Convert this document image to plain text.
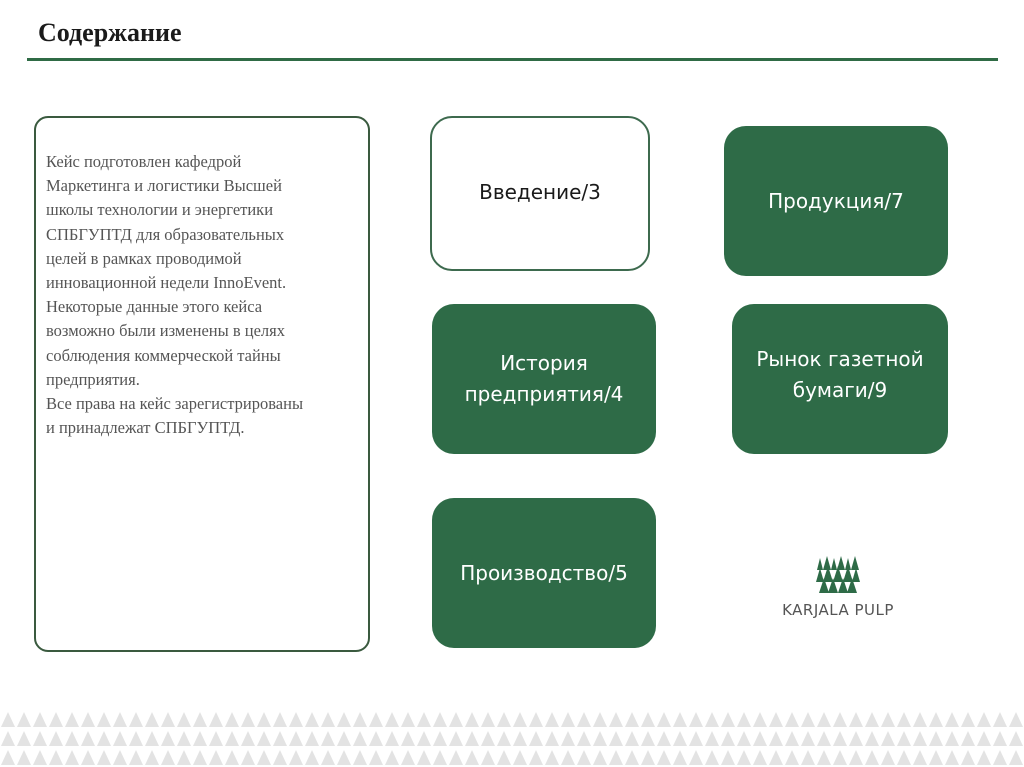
Содержание

Кейс подготовлен кафедрой
Маркетинга и логистики Высшей
школы технологии и энергетики
СПБГУПТД для образовательных
целей в рамках проводимой
инновационной недели InnoEvent.
Некоторые данные этого кейса
возможно были изменены в целях
соблюдения коммерческой тайны
предприятия.
Все права на кейс зарегистрированы
и принадлежат СПБГУПТД.

Введение/3	Продукция/7
История
предприятия/4
Рынок газетной
бумаги/9
Производство/5
KARJALA PULP
